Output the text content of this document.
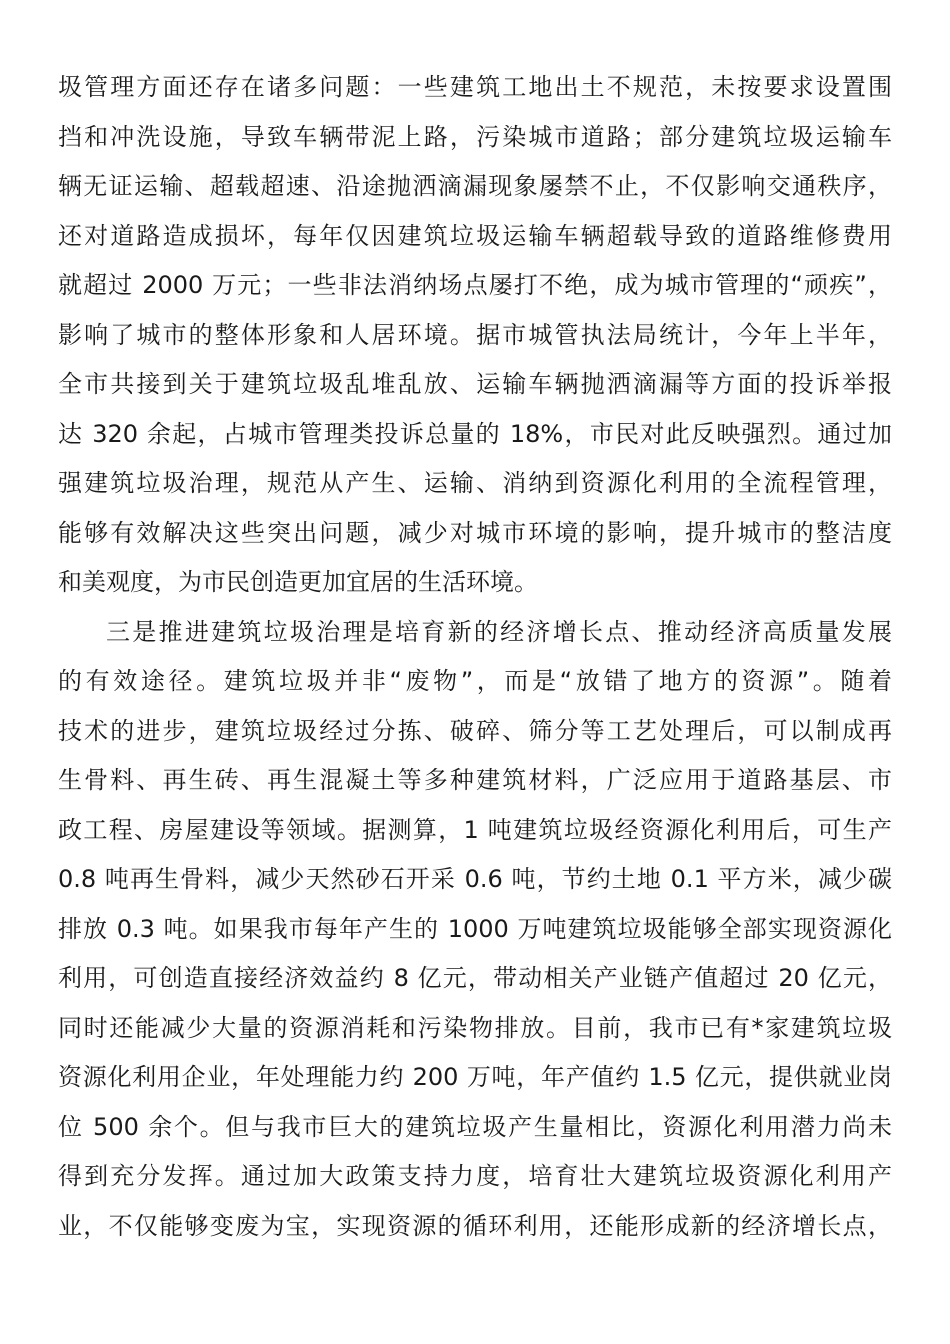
圾管理方面还存在诸多问题：一些建筑工地出土不规范，未按要求设置围
挡和冲洗设施，导致车辆带泥上路，污染城市道路；部分建筑垃圾运输车
辆无证运输、超载超速、沿途抛洒滴漏现象屡禁不止，不仅影响交通秩序，
还对道路造成损坏，每年仅因建筑垃圾运输车辆超载导致的道路维修费用
就超过 2000 万元；一些非法消纳场点屡打不绝，成为城市管理的“顽疾”，
影响了城市的整体形象和人居环境。据市城管执法局统计，今年上半年，
全市共接到关于建筑垃圾乱堆乱放、运输车辆抛洒滴漏等方面的投诉举报
达 320 余起，占城市管理类投诉总量的 18%，市民对此反映强烈。通过加
强建筑垃圾治理，规范从产生、运输、消纳到资源化利用的全流程管理，
能够有效解决这些突出问题，减少对城市环境的影响，提升城市的整洁度
和美观度，为市民创造更加宜居的生活环境。
三是推进建筑垃圾治理是培育新的经济增长点、推动经济高质量发展
的有效途径。建筑垃圾并非“废物”，而是“放错了地方的资源”。随着
技术的进步，建筑垃圾经过分拣、破碎、筛分等工艺处理后，可以制成再
生骨料、再生砖、再生混凝土等多种建筑材料，广泛应用于道路基层、市
政工程、房屋建设等领域。据测算，1 吨建筑垃圾经资源化利用后，可生产
0.8 吨再生骨料，减少天然砂石开采 0.6 吨，节约土地 0.1 平方米，减少碳
排放 0.3 吨。如果我市每年产生的 1000 万吨建筑垃圾能够全部实现资源化
利用，可创造直接经济效益约 8 亿元，带动相关产业链产值超过 20 亿元，
同时还能减少大量的资源消耗和污染物排放。目前，我市已有*家建筑垃圾
资源化利用企业，年处理能力约 200 万吨，年产值约 1.5 亿元，提供就业岗
位 500 余个。但与我市巨大的建筑垃圾产生量相比，资源化利用潜力尚未
得到充分发挥。通过加大政策支持力度，培育壮大建筑垃圾资源化利用产
业，不仅能够变废为宝，实现资源的循环利用，还能形成新的经济增长点，
